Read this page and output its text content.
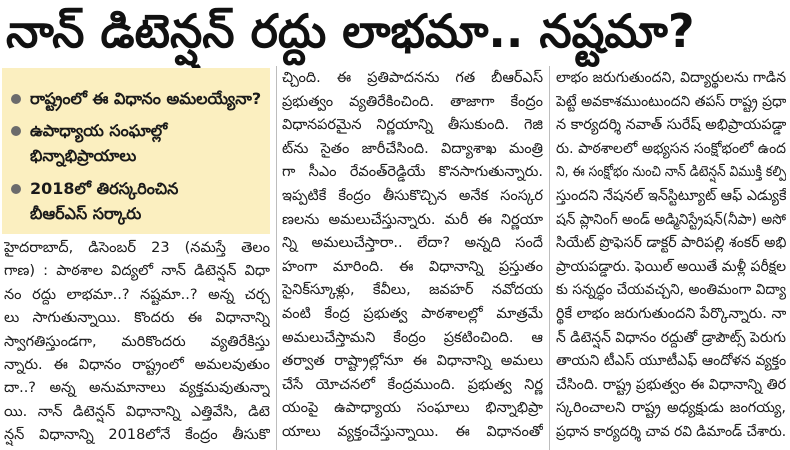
నాన్ డిటెన్షన్ రద్దు లాభమా.. నష్టమా?
రాష్ట్రంలో ఈ విధానం అమలయ్యేనా?
ఉపాధ్యాయ సంఘాల్లో
భిన్నాభిప్రాయాలు
2018లో తిరస్కరించిన
బీఆర్ఎస్ సర్కారు
హైదరాబాద్, డిసెంబర్ 23 (నమస్తే తెలం
గాణ) : పాఠశాల విద్యలో నాన్ డిటెన్షన్ విధా
నం రద్దు లాభమా..? నష్టమా..? అన్న చర్చ
లు సాగుతున్నాయి. కొందరు ఈ విధానాన్ని
స్వాగతిస్తుండగా, మరికొందరు వ్యతిరేకిస్తు
న్నారు. ఈ విధానం రాష్ట్రంలో అమలవుతుం
దా..? అన్న అనుమానాలు వ్యక్తమవుతున్నా
యి. నాన్ డిటెన్షన్ విధానాన్ని ఎత్తివేసి, డిటె
న్షన్ విధానాన్ని 2018లోనే కేంద్రం తీసుకొ
చ్చింది. ఈ ప్రతిపాదనను గత బీఆర్ఎస్
ప్రభుత్వం వ్యతిరేకించింది. తాజాగా కేంద్రం
విధానపరమైన నిర్ణయాన్ని తీసుకుంది. గెజి
ట్‌ను సైతం జారీచేసింది. విద్యాశాఖ మంత్రి
గా సీఎం రేవంత్‌రెడ్డియే కొనసాగుతున్నారు.
ఇప్పటికే కేంద్రం తీసుకొచ్చిన అనేక సంస్కర
ణలను అమలుచేస్తున్నారు. మరీ ఈ నిర్ణయా
న్ని అమలుచేస్తారా.. లేదా? అన్నది సందే
హంగా మారింది. ఈ విధానాన్ని ప్రస్తుతం
సైనిక్‌స్కూళ్లు, కేవీలు, జవహర్ నవోదయ
వంటి కేంద్ర ప్రభుత్వ పాఠశాలల్లో మాత్రమే
అమలుచేస్తామని కేంద్రం ప్రకటించింది. ఆ
తర్వాత రాష్ట్రాల్లోనూ ఈ విధానాన్ని అమలు
చేసే యోచనలో కేంద్రముంది. ప్రభుత్వ నిర్ణ
యంపై ఉపాధ్యాయ సంఘాలు భిన్నాభిప్రా
యాలు వ్యక్తంచేస్తున్నాయి. ఈ విధానంతో
లాభం జరుగుతుందని, విద్యార్థులను గాడిన
పెట్టే అవకాశముంటుందని తపస్ రాష్ట్ర ప్రధా
న కార్యదర్శి నవాత్ సురేష్ అభిప్రాయపడ్డా
రు. పాఠశాలలో అభ్యసన సంక్షోభంలో ఉంద
ని, ఈ సంక్షోభం నుంచి నాన్ డిటెన్షన్ విముక్తి కల్పి
స్తుందని నేషనల్ ఇన్‌స్టిట్యూట్ ఆఫ్ ఎడ్యుకే
షన్ ప్లానింగ్ అండ్ అడ్మినిస్ట్రేషన్(నీపా) అసో
సియేట్ ప్రొఫెసర్ డాక్టర్ పారిపల్లి శంకర్ అభి
ప్రాయపడ్డారు. ఫెయిల్ అయితే మళ్లీ పరీక్షల
కు సన్నద్ధం చేయవచ్చని, అంతిమంగా విద్యా
ర్థికే లాభం జరుగుతుందని పేర్కొన్నారు. నా
న్ డిటెన్షన్ విధానం రద్దుతో డ్రాపౌట్స్ పెరుగు
తాయని టీఎస్ యూటీఎఫ్ ఆందోళన వ్యక్తం
చేసింది. రాష్ట్ర ప్రభుత్వం ఈ విధానాన్ని తిర
స్కరించాలని రాష్ట్ర అధ్యక్షుడు జంగయ్య,
ప్రధాన కార్యదర్శి చావ రవి డిమాండ్ చేశారు.
